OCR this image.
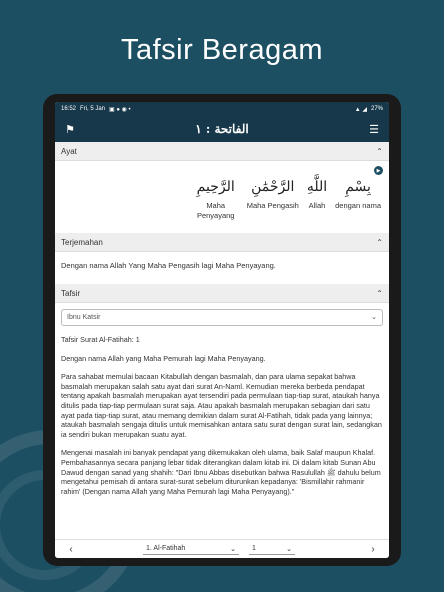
Tafsir Beragam
16:52 Fri, 5 Jan ▣ ● ◉ •	▲ ◢ 27%
⚑	الفاتحة : ١	☰
Ayat	⌃
▶
بِسْمِ
dengan nama
اللَّهِ
Allah
الرَّحْمَٰنِ
Maha Pengasih
الرَّحِيمِ
Maha Penyayang
Terjemahan	⌃
Dengan nama Allah Yang Maha Pengasih lagi Maha Penyayang.
Tafsir	⌃
Ibnu Katsir	⌄

Tafsir Surat Al-Fatihah: 1

Dengan nama Allah yang Maha Pemurah lagi Maha Penyayang.

Para sahabat memulai bacaan Kitabullah dengan basmalah, dan para ulama sepakat bahwa basmalah merupakan salah satu ayat dari surat An-Naml. Kemudian mereka berbeda pendapat tentang apakah basmalah merupakan ayat tersendiri pada permulaan tiap-tiap surat, ataukah hanya ditulis pada tiap-tiap permulaan surat saja. Atau apakah basmalah merupakan sebagian dari satu ayat pada tiap-tiap surat, atau memang demikian dalam surat Al-Fatihah, tidak pada yang lainnya; ataukah basmalah sengaja ditulis untuk memisahkan antara satu surat dengan surat lain, sedangkan ia sendiri bukan merupakan suatu ayat.

Mengenai masalah ini banyak pendapat yang dikemukakan oleh ulama, baik Salaf maupun Khalaf. Pembahasannya secara panjang lebar tidak diterangkan dalam kitab ini. Di dalam kitab Sunan Abu Dawud dengan sanad yang shahih: "Dari Ibnu Abbas disebutkan bahwa Rasulullah ﷺ dahulu belum mengetahui pemisah di antara surat-surat sebelum diturunkan kepadanya: 'Bismillahir rahmanir rahim' (Dengan nama Allah yang Maha Pemurah lagi Maha Penyayang)."

‹	1. Al-Fatihah	⌄ 1	⌄	›
